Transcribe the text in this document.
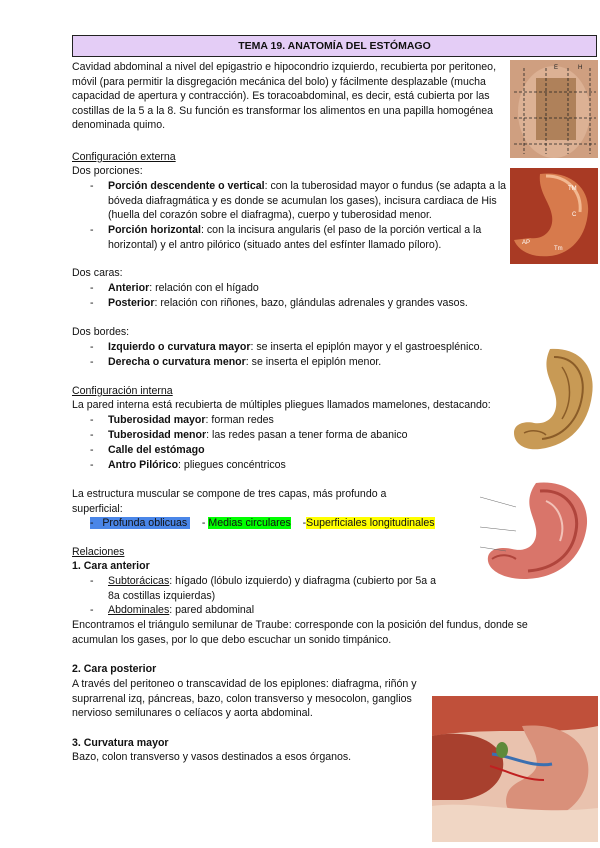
TEMA 19. ANATOMÍA DEL ESTÓMAGO
Cavidad abdominal a nivel del epigastrio e hipocondrio izquierdo, recubierta por peritoneo, móvil (para permitir la disgregación mecánica del bolo) y fácilmente desplazable (mucha capacidad de apertura y contracción). Es toracoabdominal, es decir, está cubierta por las costillas de la 5 a la 8. Su función es transformar los alimentos en una papilla homogénea denominada quimo.
Configuración externa
Dos porciones:
- Porción descendente o vertical: con la tuberosidad mayor o fundus (se adapta a la bóveda diafragmática y es donde se acumulan los gases), incisura cardiaca de His (huella del corazón sobre el diafragma), cuerpo y tuberosidad menor.
- Porción horizontal: con la incisura angularis (el paso de la porción vertical a la horizontal) y el antro pilórico (situado antes del esfínter llamado píloro).
Dos caras:
- Anterior: relación con el hígado
- Posterior: relación con riñones, bazo, glándulas adrenales y grandes vasos.
Dos bordes:
- Izquierdo o curvatura mayor: se inserta el epiplón mayor y el gastroesplénico.
- Derecha o curvatura menor: se inserta el epiplón menor.
Configuración interna
La pared interna está recubierta de múltiples pliegues llamados mamelones, destacando:
- Tuberosidad mayor: forman redes
- Tuberosidad menor: las redes pasan a tener forma de abanico
- Calle del estómago
- Antro Pilórico: pliegues concéntricos
La estructura muscular se compone de tres capas, más profundo a superficial:
-   Profunda oblicuas     - Medias circulares    -Superficiales longitudinales
Relaciones
1. Cara anterior
- Subtorácicas: hígado (lóbulo izquierdo) y diafragma (cubierto por 5a a 8a costillas izquierdas)
- Abdominales: pared abdominal
Encontramos el triángulo semilunar de Traube: corresponde con la posición del fundus, donde se acumulan los gases, por lo que debo escuchar un sonido timpánico.
2. Cara posterior
A través del peritoneo o transcavidad de los epiplones: diafragma, riñón y suprarrenal izq, páncreas, bazo, colon transverso y mesocolon, ganglios nervioso semilunares o celíacos y aorta abdominal.
3. Curvatura mayor
Bazo, colon transverso y vasos destinados a esos órganos.
E	H
TM
C
AP
Tm
